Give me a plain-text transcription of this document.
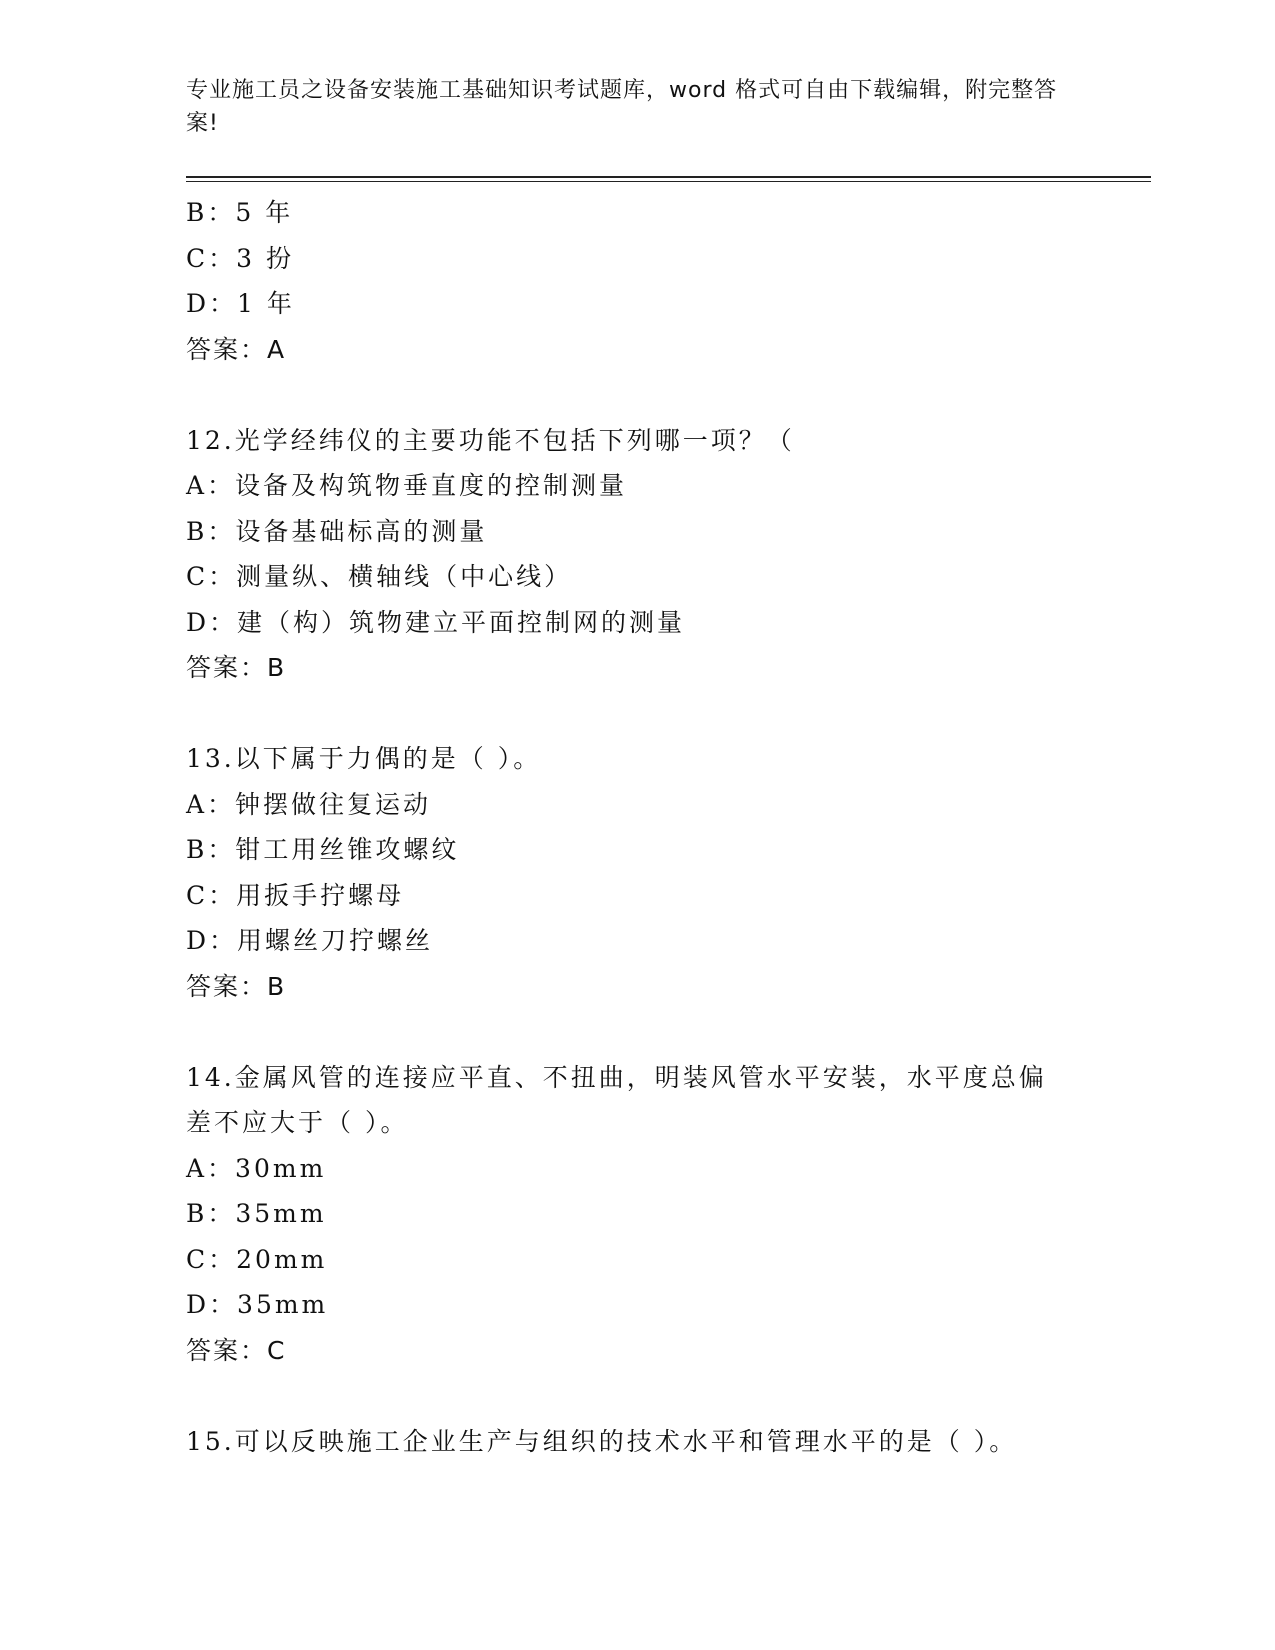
专业施工员之设备安装施工基础知识考试题库，word 格式可自由下载编辑，附完整答案!
B：5 年
C：3 扮
D：1 年
答案：A
12.光学经纬仪的主要功能不包括下列哪一项？（
A：设备及构筑物垂直度的控制测量
B：设备基础标高的测量
C：测量纵、横轴线（中心线）
D：建（构）筑物建立平面控制网的测量
答案：B
13.以下属于力偶的是（ ）。
A：钟摆做往复运动
B：钳工用丝锥攻螺纹
C：用扳手拧螺母
D：用螺丝刀拧螺丝
答案：B
14.金属风管的连接应平直、不扭曲，明装风管水平安装，水平度总偏
差不应大于（ ）。
A：30mm
B：35mm
C：20mm
D：35mm
答案：C
15.可以反映施工企业生产与组织的技术水平和管理水平的是（ ）。
